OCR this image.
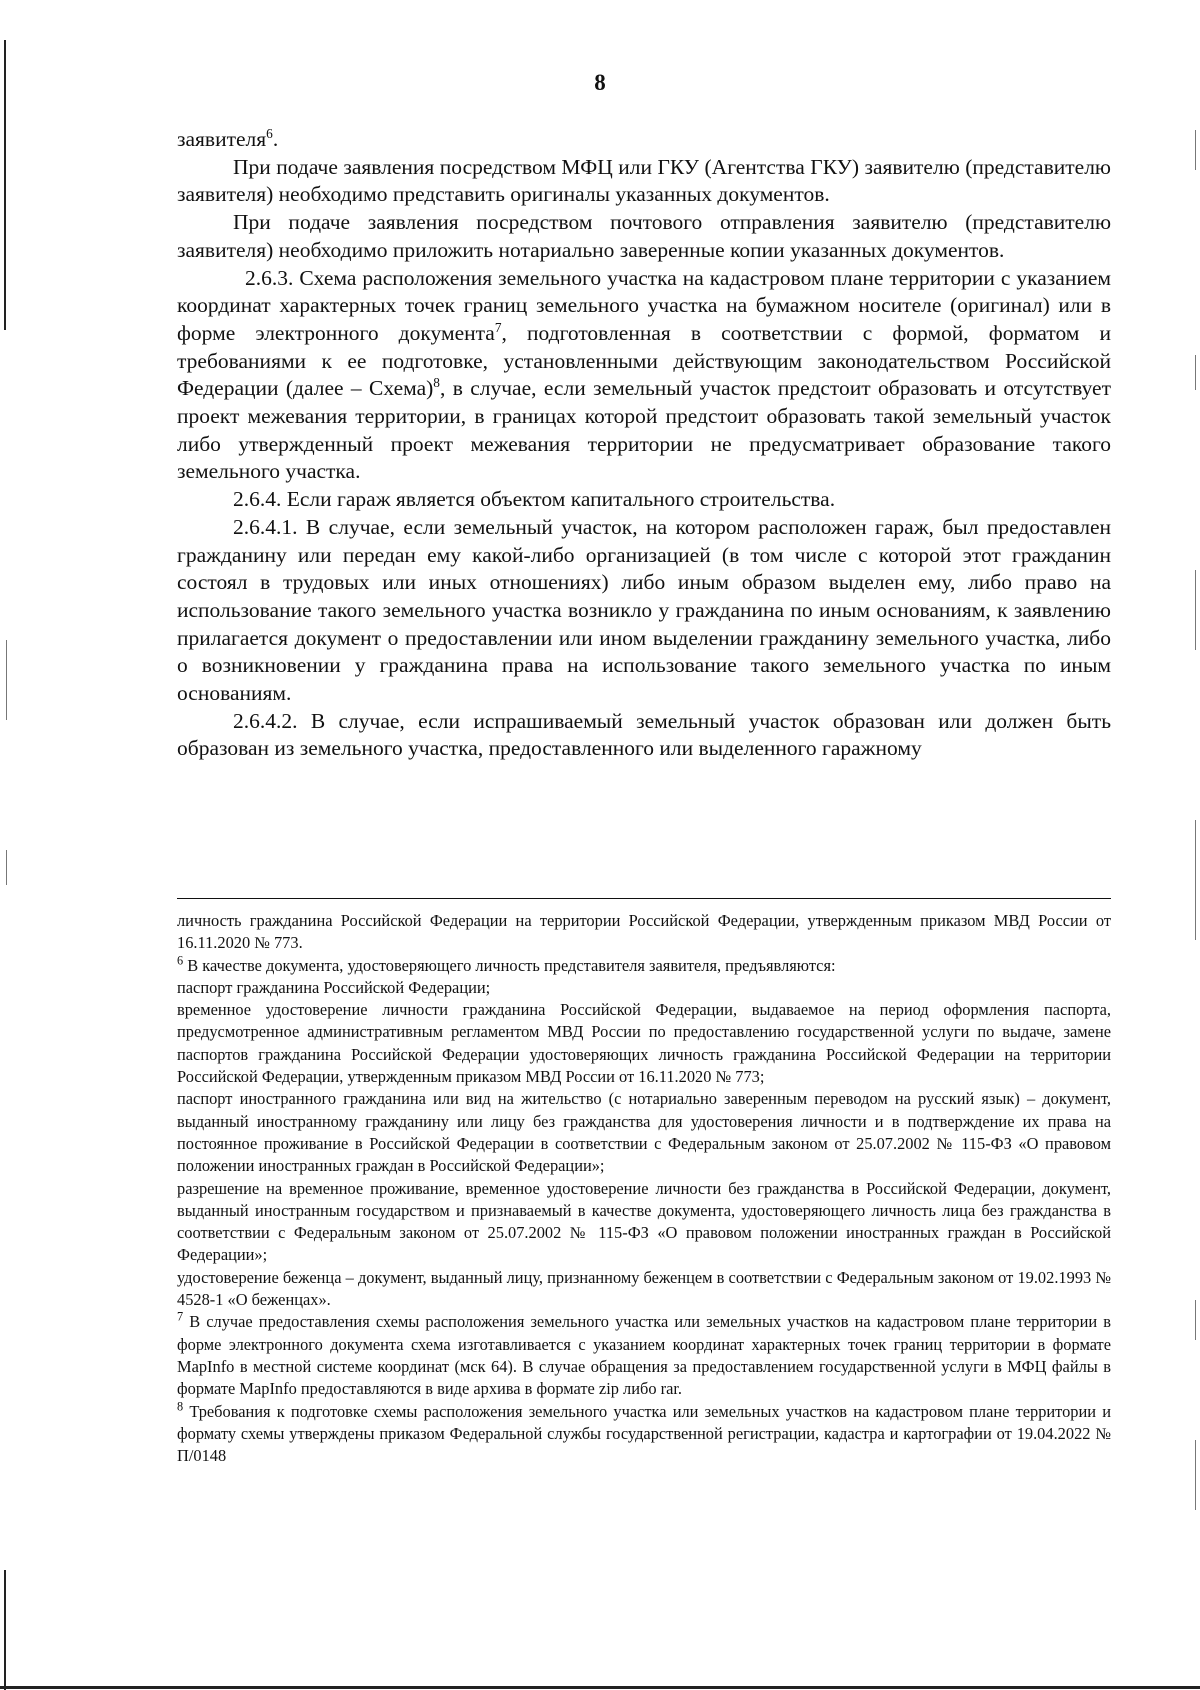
8

заявителя$^6$.

При подаче заявления посредством МФЦ или ГКУ (Агентства ГКУ) заявителю (представителю заявителя) необходимо представить оригиналы указанных документов.

При подаче заявления посредством почтового отправления заявителю (представителю заявителя) необходимо приложить нотариально заверенные копии указанных документов.

2.6.3. Схема расположения земельного участка на кадастровом плане территории с указанием координат характерных точек границ земельного участка на бумажном носителе (оригинал) или в форме электронного документа$^7$, подготовленная в соответствии с формой, форматом и требованиями к ее подготовке, установленными действующим законодательством Российской Федерации (далее – Схема)$^8$, в случае, если земельный участок предстоит образовать и отсутствует проект межевания территории, в границах которой предстоит образовать такой земельный участок либо утвержденный проект межевания территории не предусматривает образование такого земельного участка.

2.6.4. Если гараж является объектом капитального строительства.

2.6.4.1. В случае, если земельный участок, на котором расположен гараж, был предоставлен гражданину или передан ему какой-либо организацией (в том числе с которой этот гражданин состоял в трудовых или иных отношениях) либо иным образом выделен ему, либо право на использование такого земельного участка возникло у гражданина по иным основаниям, к заявлению прилагается документ о предоставлении или ином выделении гражданину земельного участка, либо о возникновении у гражданина права на использование такого земельного участка по иным основаниям.

2.6.4.2. В случае, если испрашиваемый земельный участок образован или должен быть образован из земельного участка, предоставленного или выделенного гаражному

личность гражданина Российской Федерации на территории Российской Федерации, утвержденным приказом МВД России от 16.11.2020 № 773.

$^6$ В качестве документа, удостоверяющего личность представителя заявителя, предъявляются:

паспорт гражданина Российской Федерации;

временное удостоверение личности гражданина Российской Федерации, выдаваемое на период оформления паспорта, предусмотренное административным регламентом МВД России по предоставлению государственной услуги по выдаче, замене паспортов гражданина Российской Федерации удостоверяющих личность гражданина Российской Федерации на территории Российской Федерации, утвержденным приказом МВД России от 16.11.2020 № 773;

паспорт иностранного гражданина или вид на жительство (с нотариально заверенным переводом на русский язык) – документ, выданный иностранному гражданину или лицу без гражданства для удостоверения личности и в подтверждение их права на постоянное проживание в Российской Федерации в соответствии с Федеральным законом от 25.07.2002 № 115-ФЗ «О правовом положении иностранных граждан в Российской Федерации»;

разрешение на временное проживание, временное удостоверение личности без гражданства в Российской Федерации, документ, выданный иностранным государством и признаваемый в качестве документа, удостоверяющего личность лица без гражданства в соответствии с Федеральным законом от 25.07.2002 № 115-ФЗ «О правовом положении иностранных граждан в Российской Федерации»;

удостоверение беженца – документ, выданный лицу, признанному беженцем в соответствии с Федеральным законом от 19.02.1993 № 4528-1 «О беженцах».

$^7$ В случае предоставления схемы расположения земельного участка или земельных участков на кадастровом плане территории в форме электронного документа схема изготавливается с указанием координат характерных точек границ территории в формате MapInfo в местной системе координат (мск 64). В случае обращения за предоставлением государственной услуги в МФЦ файлы в формате MapInfo предоставляются в виде архива в формате zip либо rar.

$^8$ Требования к подготовке схемы расположения земельного участка или земельных участков на кадастровом плане территории и формату схемы утверждены приказом Федеральной службы государственной регистрации, кадастра и картографии от 19.04.2022 № П/0148
